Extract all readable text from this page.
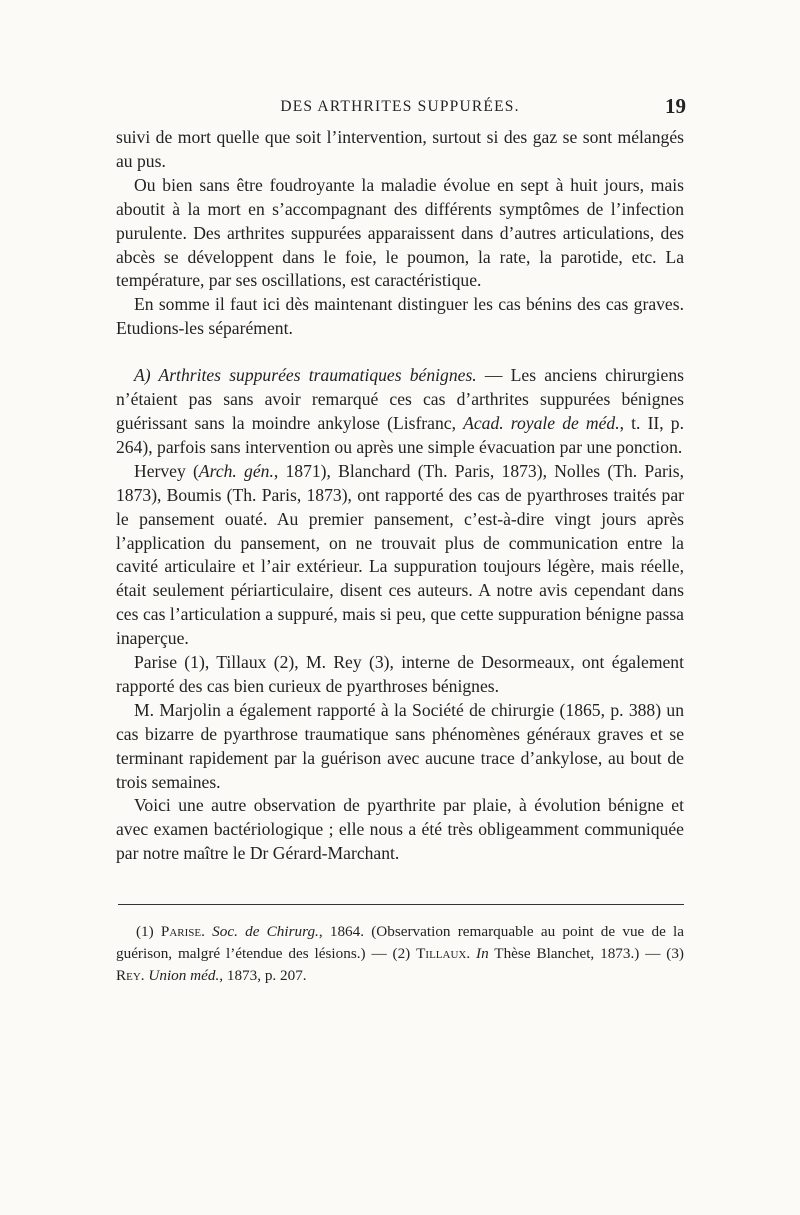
DES ARTHRITES SUPPURÉES.	19

suivi de mort quelle que soit l’intervention, surtout si des gaz se sont mélangés au pus.

Ou bien sans être foudroyante la maladie évolue en sept à huit jours, mais aboutit à la mort en s’accompagnant des différents symptômes de l’infection purulente. Des arthrites suppurées apparaissent dans d’autres articulations, des abcès se développent dans le foie, le poumon, la rate, la parotide, etc. La température, par ses oscillations, est caractéristique.

En somme il faut ici dès maintenant distinguer les cas bénins des cas graves. Etudions-les séparément.

A) Arthrites suppurées traumatiques bénignes. — Les anciens chirurgiens n’étaient pas sans avoir remarqué ces cas d’arthrites suppurées bénignes guérissant sans la moindre ankylose (Lisfranc, Acad. royale de méd., t. II, p. 264), parfois sans intervention ou après une simple évacuation par une ponction.

Hervey (Arch. gén., 1871), Blanchard (Th. Paris, 1873), Nolles (Th. Paris, 1873), Boumis (Th. Paris, 1873), ont rapporté des cas de pyarthroses traités par le pansement ouaté. Au premier pansement, c’est-à-dire vingt jours après l’application du pansement, on ne trouvait plus de communication entre la cavité articulaire et l’air extérieur. La suppuration toujours légère, mais réelle, était seulement périarticulaire, disent ces auteurs. A notre avis cependant dans ces cas l’articulation a suppuré, mais si peu, que cette suppuration bénigne passa inaperçue.

Parise (1), Tillaux (2), M. Rey (3), interne de Desormeaux, ont également rapporté des cas bien curieux de pyarthroses bénignes.

M. Marjolin a également rapporté à la Société de chirurgie (1865, p. 388) un cas bizarre de pyarthrose traumatique sans phénomènes généraux graves et se terminant rapidement par la guérison avec aucune trace d’ankylose, au bout de trois semaines.

Voici une autre observation de pyarthrite par plaie, à évolution bénigne et avec examen bactériologique ; elle nous a été très obligeamment communiquée par notre maître le Dr Gérard-Marchant.

(1) Parise. Soc. de Chirurg., 1864. (Observation remarquable au point de vue de la guérison, malgré l’étendue des lésions.) — (2) Tillaux. In Thèse Blanchet, 1873.) — (3) Rey. Union méd., 1873, p. 207.
